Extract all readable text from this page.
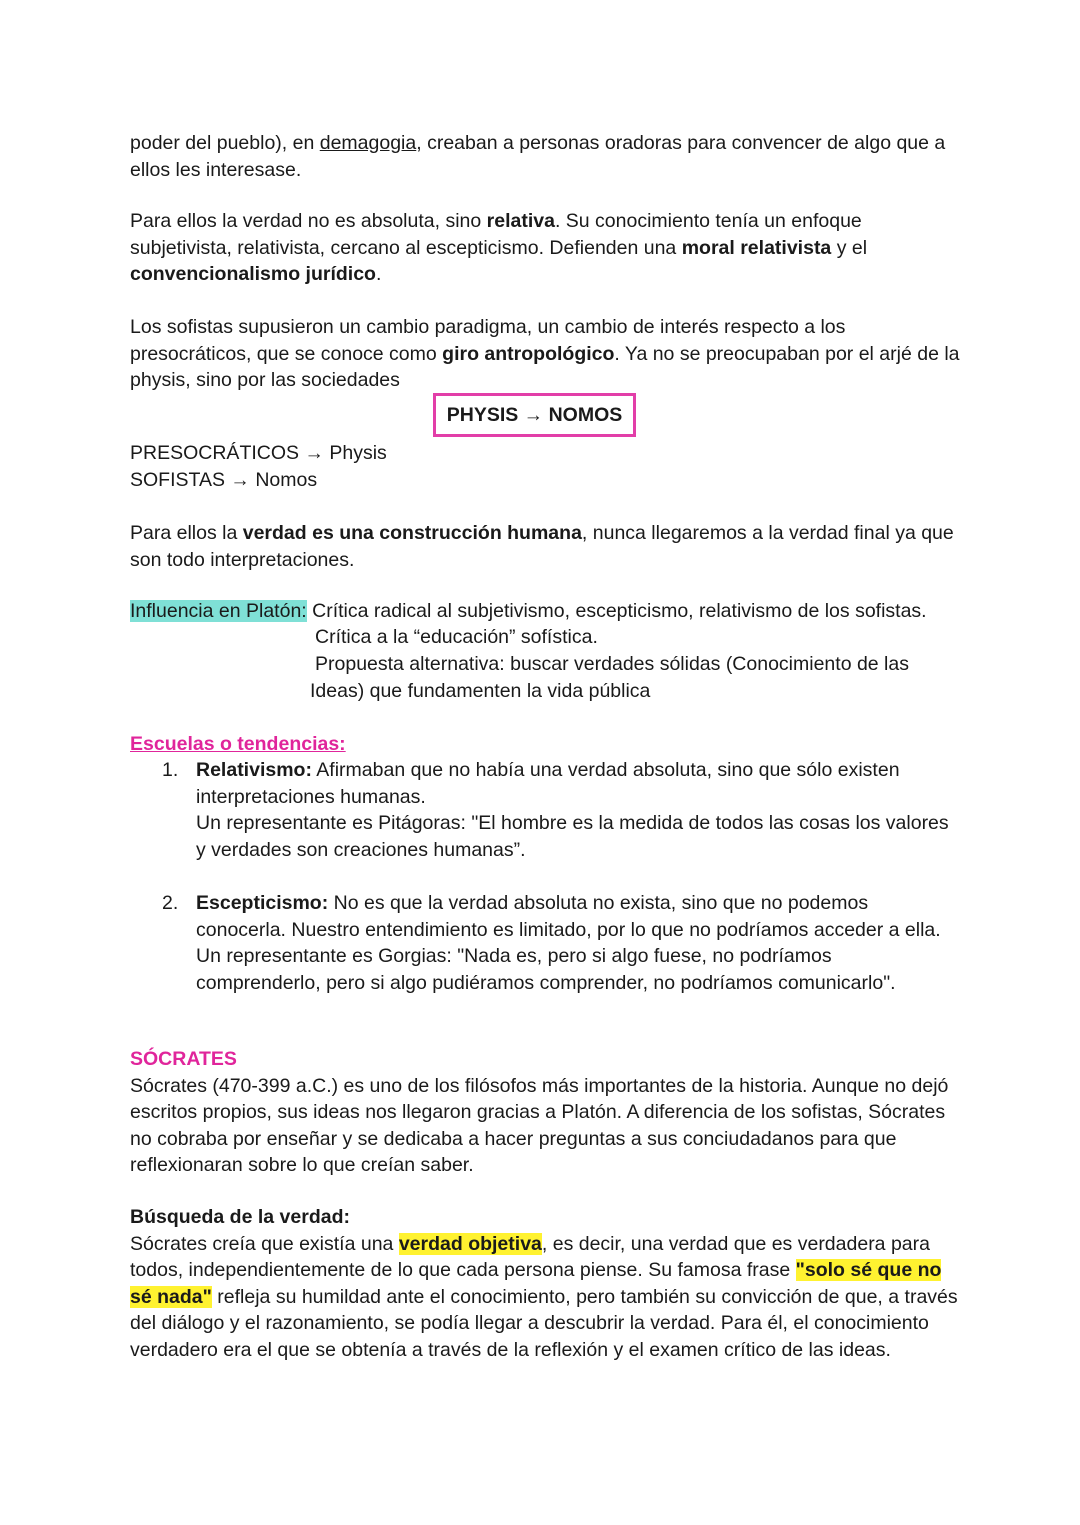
poder del pueblo), en demagogia, creaban a personas oradoras para convencer de algo que a ellos les interesase.

Para ellos la verdad no es absoluta, sino relativa. Su conocimiento tenía un enfoque subjetivista, relativista, cercano al escepticismo. Defienden una moral relativista y el convencionalismo jurídico.

Los sofistas supusieron un cambio paradigma, un cambio de interés respecto a los presocráticos, que se conoce como giro antropológico. Ya no se preocupaban por el arjé de la physis, sino por las sociedades

PHYSIS → NOMOS
PRESOCRÁTICOS → Physis
SOFISTAS → Nomos

Para ellos la verdad es una construcción humana, nunca llegaremos a la verdad final ya que son todo interpretaciones.

Influencia en Platón: Crítica radical al subjetivismo, escepticismo, relativismo de los sofistas.
Crítica a la “educación” sofística.
Propuesta alternativa: buscar verdades sólidas (Conocimiento de las Ideas) que fundamenten la vida pública
Escuelas o tendencias:
1. Relativismo: Afirmaban que no había una verdad absoluta, sino que sólo existen interpretaciones humanas.
Un representante es Pitágoras: "El hombre es la medida de todos las cosas los valores y verdades son creaciones humanas”.
2. Escepticismo: No es que la verdad absoluta no exista, sino que no podemos conocerla. Nuestro entendimiento es limitado, por lo que no podríamos acceder a ella.
Un representante es Gorgias: "Nada es, pero si algo fuese, no podríamos comprenderlo, pero si algo pudiéramos comprender, no podríamos comunicarlo".
SÓCRATES

Sócrates (470-399 a.C.) es uno de los filósofos más importantes de la historia. Aunque no dejó escritos propios, sus ideas nos llegaron gracias a Platón. A diferencia de los sofistas, Sócrates no cobraba por enseñar y se dedicaba a hacer preguntas a sus conciudadanos para que reflexionaran sobre lo que creían saber.

Búsqueda de la verdad:

Sócrates creía que existía una verdad objetiva, es decir, una verdad que es verdadera para todos, independientemente de lo que cada persona piense. Su famosa frase "solo sé que no sé nada" refleja su humildad ante el conocimiento, pero también su convicción de que, a través del diálogo y el razonamiento, se podía llegar a descubrir la verdad. Para él, el conocimiento verdadero era el que se obtenía a través de la reflexión y el examen crítico de las ideas.
